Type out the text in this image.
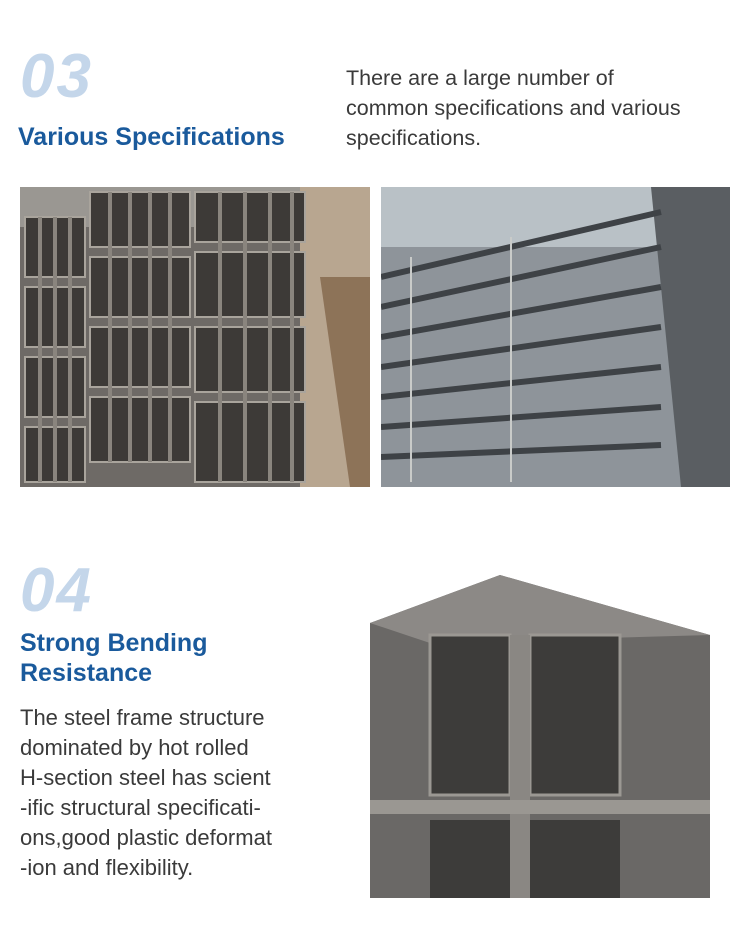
03
Various Specifications
There are a large number of
common specifications and various
specifications.
04
Strong Bending
Resistance
The steel frame structure
dominated by hot rolled
H-section steel has scient
-ific structural specificati-
ons,good plastic deformat
-ion and flexibility.
